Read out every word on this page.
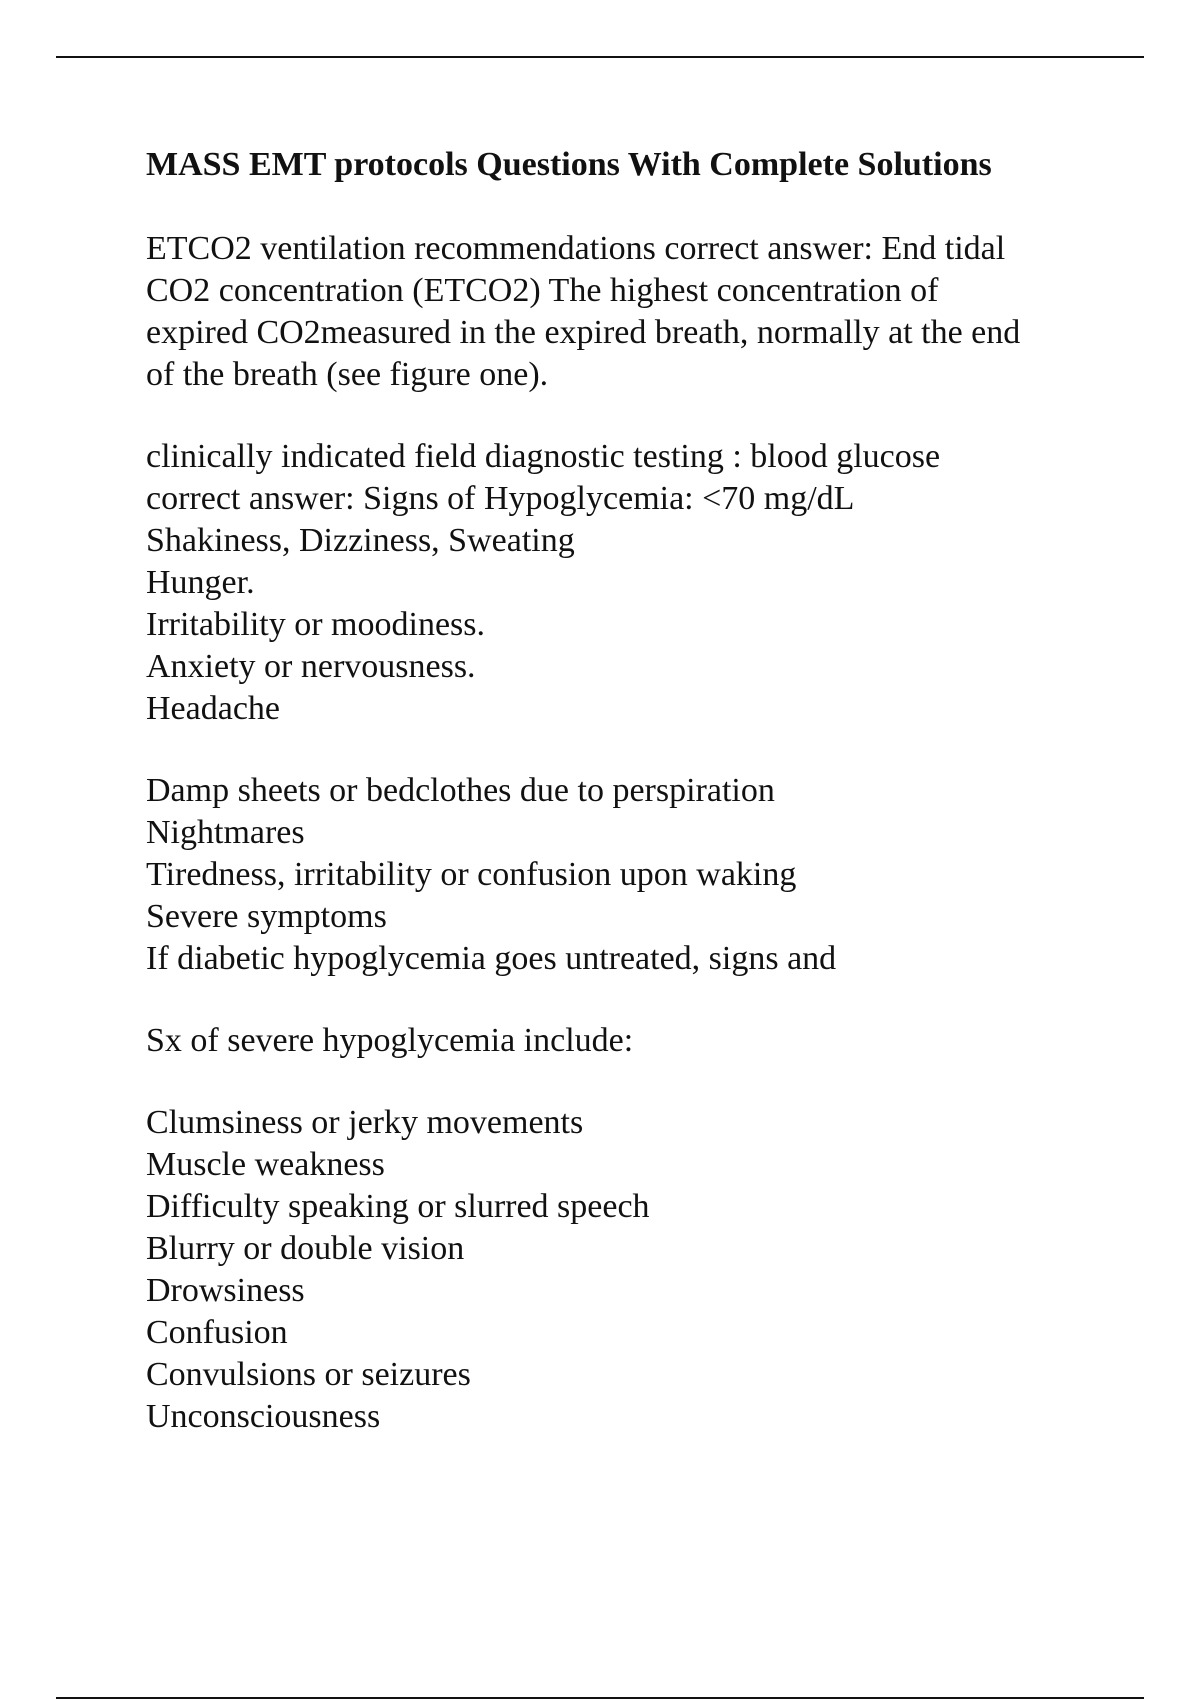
MASS EMT protocols Questions With Complete Solutions
ETCO2 ventilation recommendations correct answer: End tidal
CO2 concentration (ETCO2) The highest concentration of
expired CO2measured in the expired breath, normally at the end
of the breath (see figure one).
clinically indicated field diagnostic testing : blood glucose
correct answer: Signs of Hypoglycemia: <70 mg/dL
Shakiness, Dizziness, Sweating
Hunger.
Irritability or moodiness.
Anxiety or nervousness.
Headache
Damp sheets or bedclothes due to perspiration
Nightmares
Tiredness, irritability or confusion upon waking
Severe symptoms
If diabetic hypoglycemia goes untreated, signs and
Sx of severe hypoglycemia include:
Clumsiness or jerky movements
Muscle weakness
Difficulty speaking or slurred speech
Blurry or double vision
Drowsiness
Confusion
Convulsions or seizures
Unconsciousness
